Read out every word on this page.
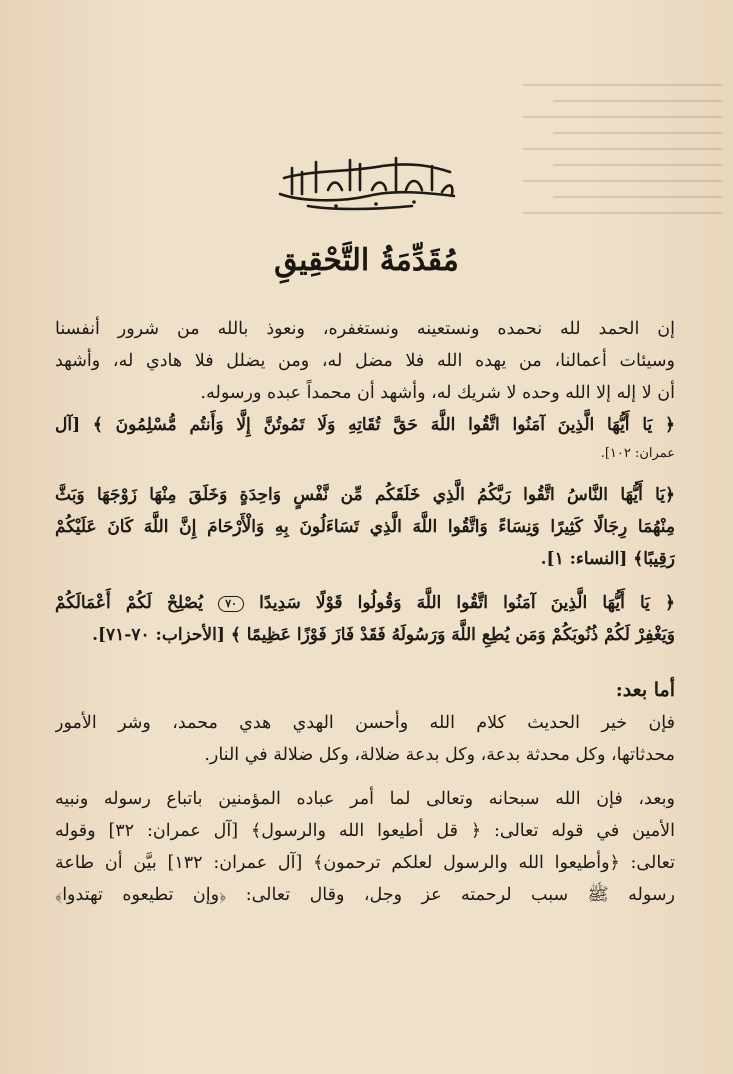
مُقَدِّمَةُ التَّحْقِيقِ
إن الحمد لله نحمده ونستعينه ونستغفره، ونعوذ بالله من شرور أنفسنا
وسيئات أعمالنا، من يهده الله فلا مضل له، ومن يضلل فلا هادي له، وأشهد
أن لا إله إلا الله وحده لا شريك له، وأشهد أن محمداً عبده ورسوله.
﴿ يَا أَيُّهَا الَّذِينَ آمَنُوا اتَّقُوا اللَّهَ حَقَّ تُقَاتِهِ وَلَا تَمُوتُنَّ إِلَّا وَأَنتُم مُّسْلِمُونَ ﴾ [آل
عمران: ١٠٢].
﴿يَا أَيُّهَا النَّاسُ اتَّقُوا رَبَّكُمُ الَّذِي خَلَقَكُم مِّن نَّفْسٍ وَاحِدَةٍ وَخَلَقَ مِنْهَا زَوْجَهَا وَبَثَّ
مِنْهُمَا رِجَالًا كَثِيرًا وَنِسَاءً وَاتَّقُوا اللَّهَ الَّذِي تَسَاءَلُونَ بِهِ وَالْأَرْحَامَ إِنَّ اللَّهَ كَانَ عَلَيْكُمْ
رَقِيبًا﴾ [النساء: ١].
﴿ يَا أَيُّهَا الَّذِينَ آمَنُوا اتَّقُوا اللَّهَ وَقُولُوا قَوْلًا سَدِيدًا ٧٠ يُصْلِحْ لَكُمْ أَعْمَالَكُمْ
وَيَغْفِرْ لَكُمْ ذُنُوبَكُمْ وَمَن يُطِعِ اللَّهَ وَرَسُولَهُ فَقَدْ فَازَ فَوْزًا عَظِيمًا ﴾ [الأحزاب: ٧٠-٧١].
أما بعد:
فإن خير الحديث كلام الله وأحسن الهدي هدي محمد، وشر الأمور
محدثاتها، وكل محدثة بدعة، وكل بدعة ضلالة، وكل ضلالة في النار.
وبعد، فإن الله سبحانه وتعالى لما أمر عباده المؤمنين باتباع رسوله ونبيه
الأمين في قوله تعالى: ﴿ قل أطيعوا الله والرسول﴾ [آل عمران: ٣٢] وقوله
تعالى: ﴿وأطيعوا الله والرسول لعلكم ترحمون﴾ [آل عمران: ١٣٢] بيَّن أن طاعة
رسوله ﷺ سبب لرحمته عز وجل، وقال تعالى: ﴿وإن تطيعوه تهتدوا﴾
